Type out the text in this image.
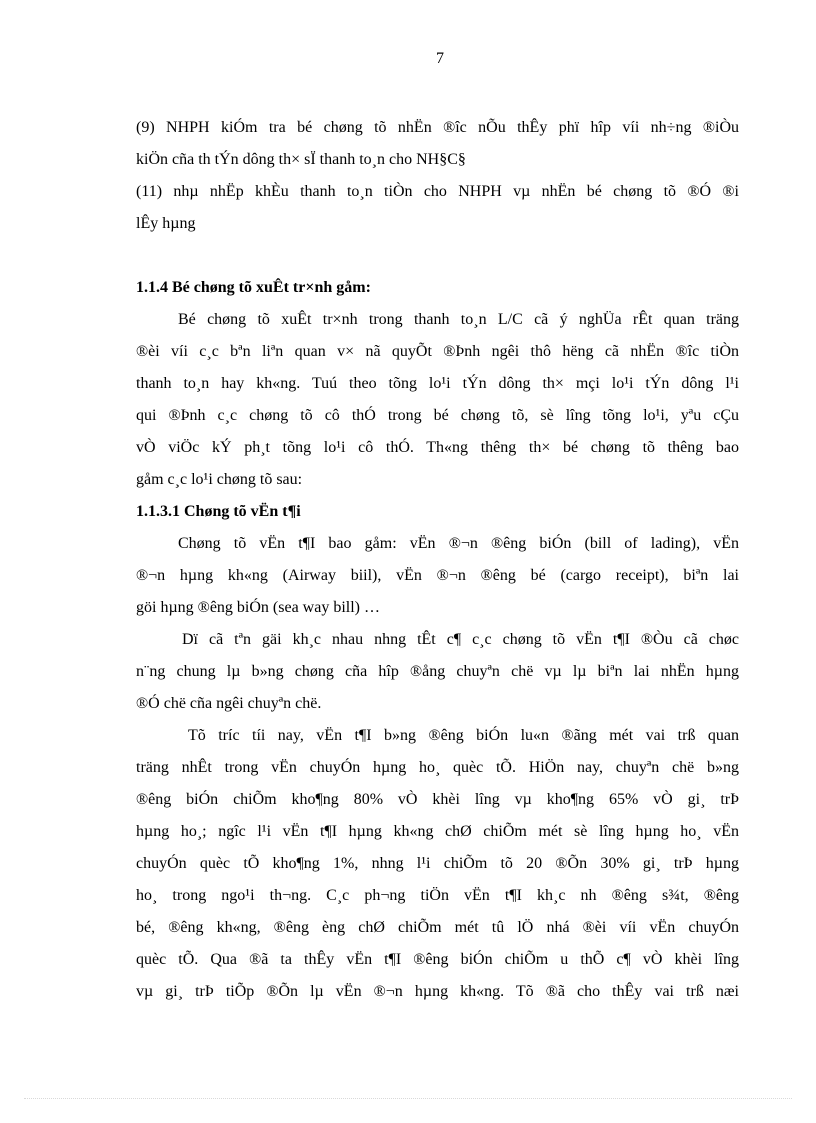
7
(9) NHPH kiÓm tra bé chøng tõ nhËn ®îc nÕu thÊy phï hîp víi nh÷ng ®iÒu
kiÖn cña th tÝn dông th× sÏ thanh to¸n cho NH§C§
(11) nhµ nhËp khÈu thanh to¸n tiÒn cho NHPH vµ nhËn bé chøng tõ ®Ó ®i
lÊy hµng
1.1.4 Bé chøng tõ xuÊt tr×nh gåm:
Bé chøng tõ xuÊt tr×nh trong thanh to¸n L/C cã ý nghÜa rÊt quan träng
®èi víi c¸c bªn liªn quan v× nã quyÕt ®Þnh ngêi thô hëng cã nhËn ®îc tiÒn
thanh to¸n hay kh«ng. Tuú theo tõng lo¹i tÝn dông th× mçi lo¹i tÝn dông l¹i
qui ®Þnh c¸c chøng tõ cô thÓ trong bé chøng tõ, sè lîng tõng lo¹i, yªu cÇu
vÒ viÖc kÝ ph¸t tõng lo¹i cô thÓ. Th«ng thêng th× bé chøng tõ thêng bao
gåm c¸c lo¹i chøng tõ sau:
1.1.3.1 Chøng tõ vËn t¶i
Chøng tõ vËn t¶I bao gåm: vËn ®¬n ®êng biÓn (bill of lading), vËn
®¬n hµng kh«ng (Airway biil), vËn ®¬n ®êng bé (cargo receipt), biªn lai
göi hµng ®êng biÓn (sea way bill) …
Dï cã tªn gäi kh¸c nhau nhng tÊt c¶ c¸c chøng tõ vËn t¶I ®Òu cã chøc
n¨ng chung lµ b»ng chøng cña hîp ®ång chuyªn chë vµ lµ biªn lai nhËn hµng
®Ó chë cña ngêi chuyªn chë.
Tõ tríc tíi nay, vËn t¶I b»ng ®êng biÓn lu«n ®ãng mét vai trß quan
träng nhÊt trong vËn chuyÓn hµng ho¸ quèc tÕ. HiÖn nay, chuyªn chë b»ng
®êng biÓn chiÕm kho¶ng 80% vÒ khèi lîng vµ kho¶ng 65% vÒ gi¸ trÞ
hµng ho¸; ngîc l¹i vËn t¶I hµng kh«ng chØ chiÕm mét sè lîng hµng ho¸ vËn
chuyÓn quèc tÕ kho¶ng 1%, nhng l¹i chiÕm tõ 20 ®Õn 30% gi¸ trÞ hµng
ho¸ trong ngo¹i th¬ng. C¸c ph¬ng tiÖn vËn t¶I kh¸c nh ®êng s¾t, ®êng
bé, ®êng kh«ng, ®êng èng chØ chiÕm mét tû lÖ nhá ®èi víi vËn chuyÓn
quèc tÕ. Qua ®ã ta thÊy vËn t¶I ®êng biÓn chiÕm u thÕ c¶ vÒ khèi lîng
vµ gi¸ trÞ tiÕp ®Õn lµ vËn ®¬n hµng kh«ng. Tõ ®ã cho thÊy vai trß næi
